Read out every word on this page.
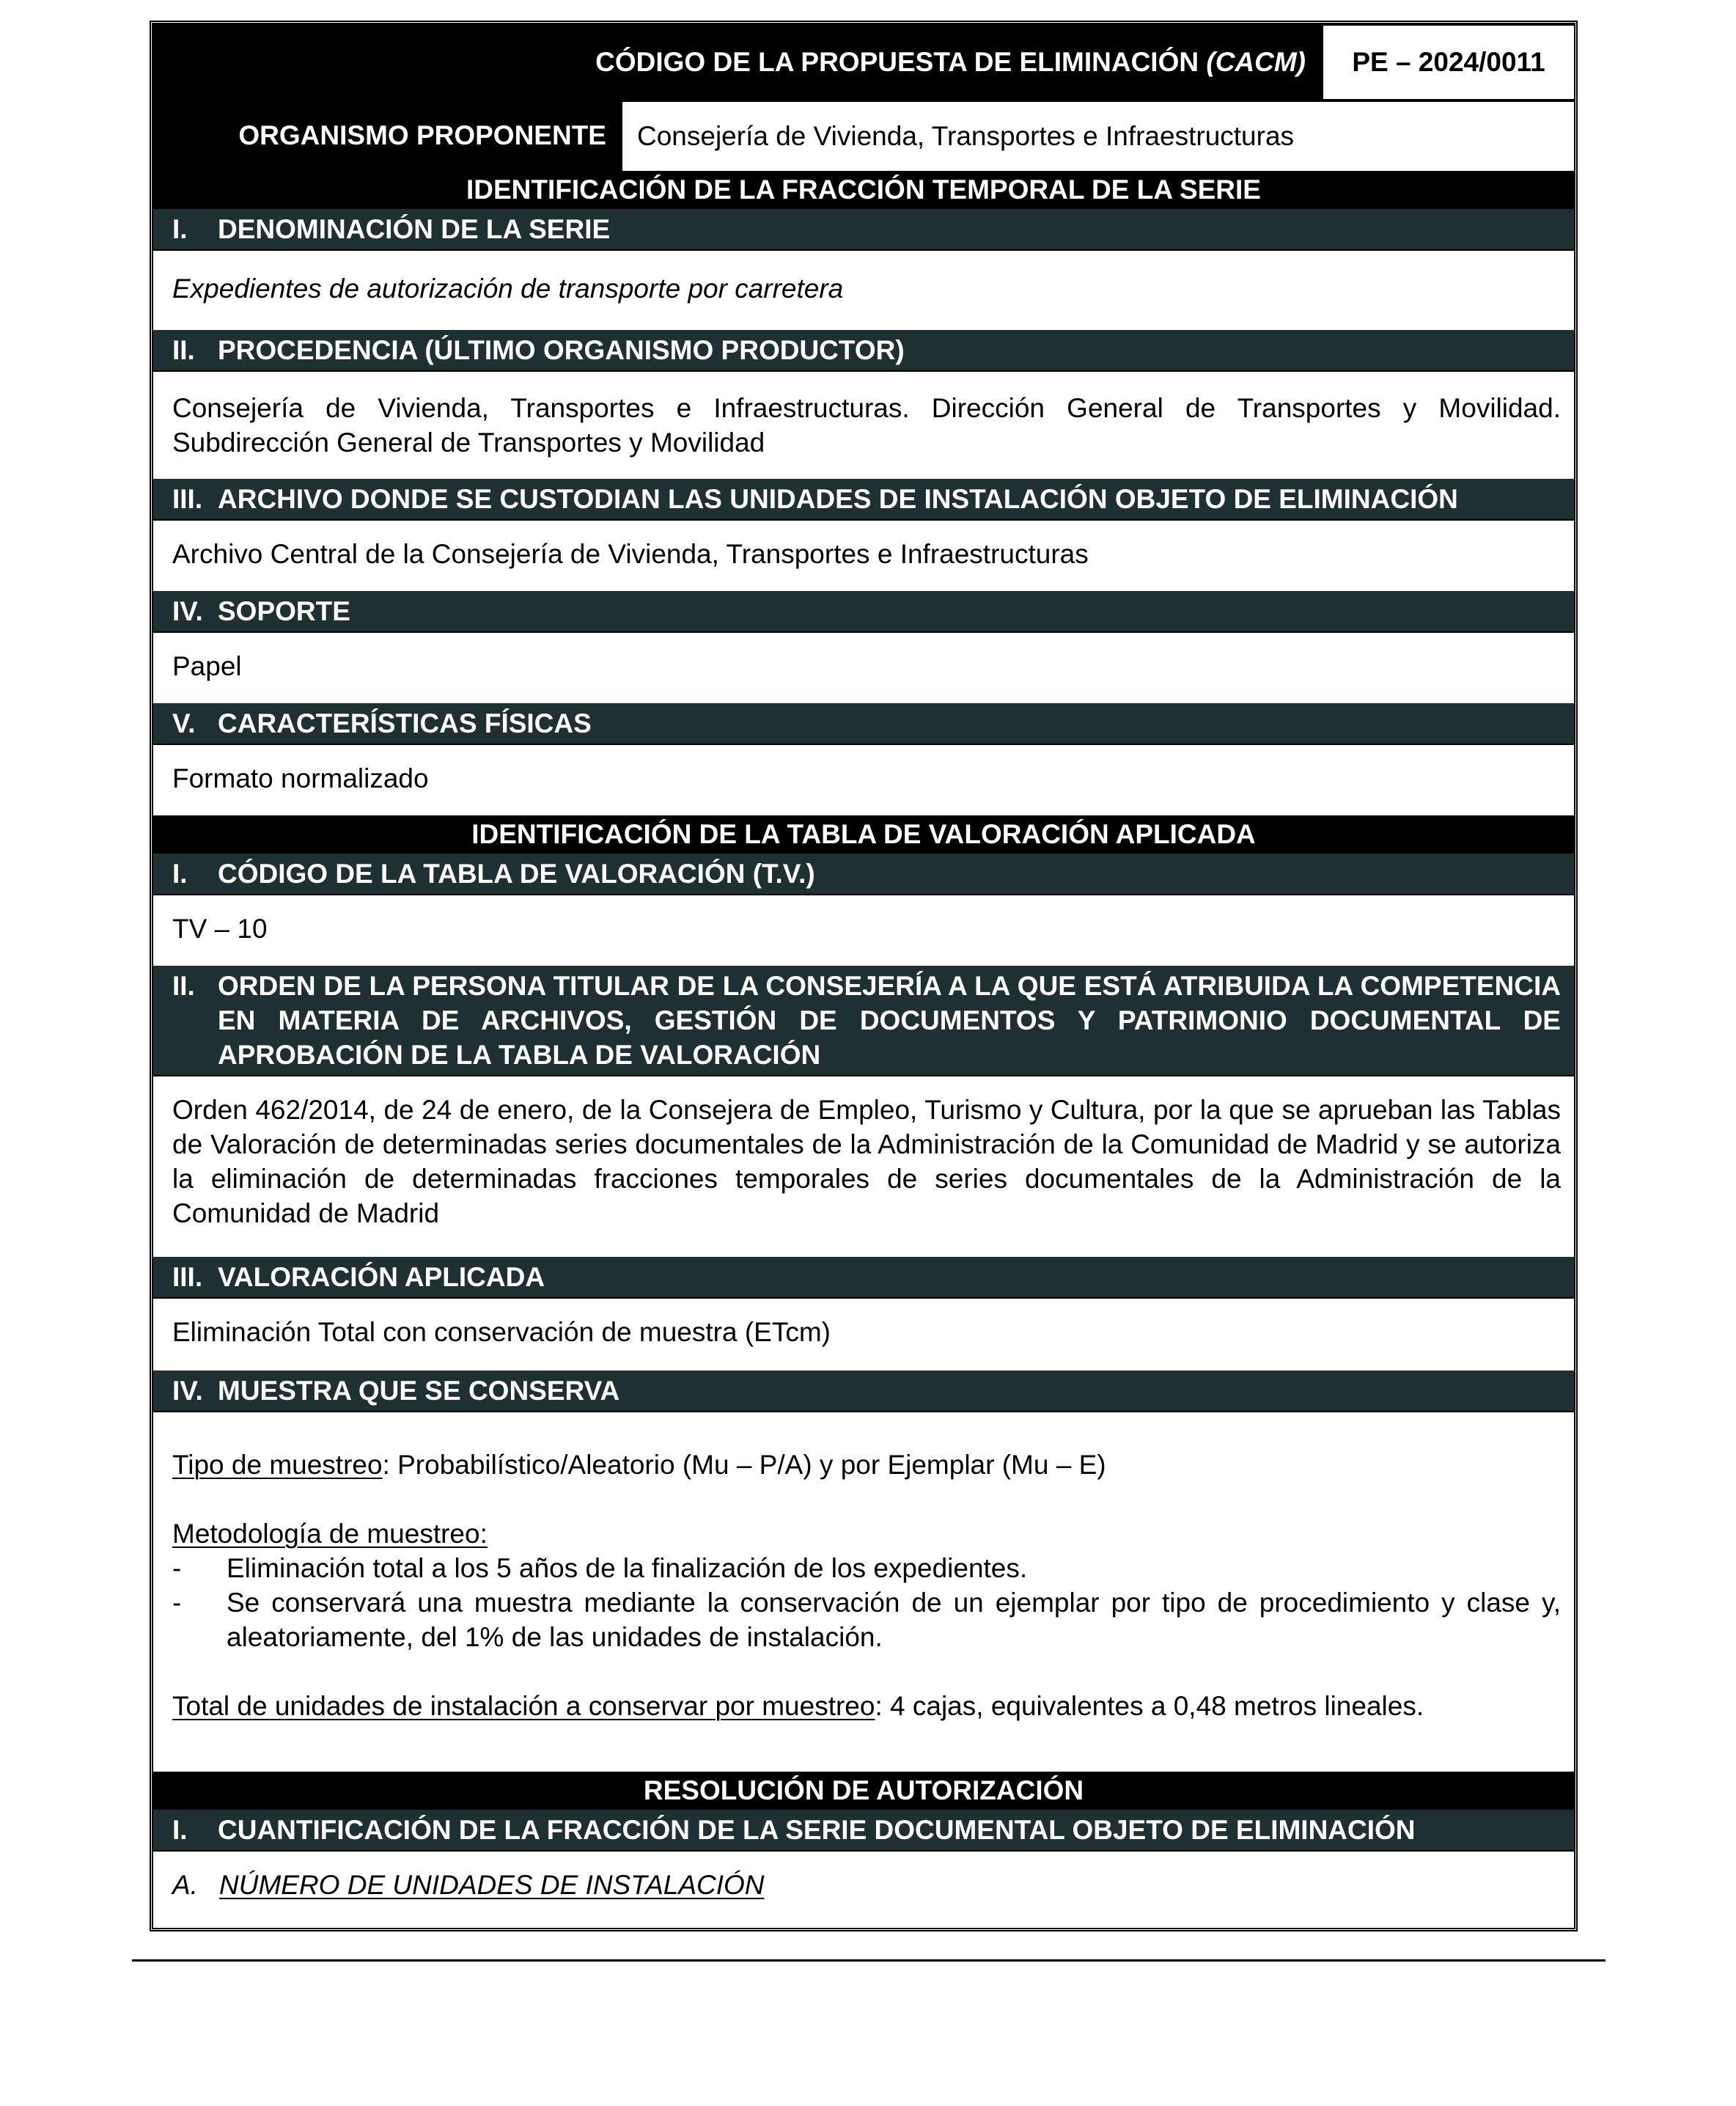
CÓDIGO DE LA PROPUESTA DE ELIMINACIÓN (CACM)	PE – 2024/0011
ORGANISMO PROPONENTE	Consejería de Vivienda, Transportes e Infraestructuras
IDENTIFICACIÓN DE LA FRACCIÓN TEMPORAL DE LA SERIE
I.	DENOMINACIÓN DE LA SERIE
Expedientes de autorización de transporte por carretera
II. PROCEDENCIA (ÚLTIMO ORGANISMO PRODUCTOR)
Consejería de Vivienda, Transportes e Infraestructuras. Dirección General de Transportes y Movilidad. Subdirección General de Transportes y Movilidad
III. ARCHIVO DONDE SE CUSTODIAN LAS UNIDADES DE INSTALACIÓN OBJETO DE ELIMINACIÓN
Archivo Central de la Consejería de Vivienda, Transportes e Infraestructuras
IV. SOPORTE
Papel
V. CARACTERÍSTICAS FÍSICAS
Formato normalizado
IDENTIFICACIÓN DE LA TABLA DE VALORACIÓN APLICADA
I.	CÓDIGO DE LA TABLA DE VALORACIÓN (T.V.)
TV – 10
II. ORDEN DE LA PERSONA TITULAR DE LA CONSEJERÍA A LA QUE ESTÁ ATRIBUIDA LA COMPETENCIA EN MATERIA DE ARCHIVOS, GESTIÓN DE DOCUMENTOS Y PATRIMONIO DOCUMENTAL DE APROBACIÓN DE LA TABLA DE VALORACIÓN
Orden 462/2014, de 24 de enero, de la Consejera de Empleo, Turismo y Cultura, por la que se aprueban las Tablas de Valoración de determinadas series documentales de la Administración de la Comunidad de Madrid y se autoriza la eliminación de determinadas fracciones temporales de series documentales de la Administración de la Comunidad de Madrid
III. VALORACIÓN APLICADA
Eliminación Total con conservación de muestra (ETcm)
IV. MUESTRA QUE SE CONSERVA
Tipo de muestreo: Probabilístico/Aleatorio (Mu – P/A) y por Ejemplar (Mu – E)
Metodología de muestreo:
-	Eliminación total a los 5 años de la finalización de los expedientes.
-	Se conservará una muestra mediante la conservación de un ejemplar por tipo de procedimiento y clase y, aleatoriamente, del 1% de las unidades de instalación.
Total de unidades de instalación a conservar por muestreo: 4 cajas, equivalentes a 0,48 metros lineales.
RESOLUCIÓN DE AUTORIZACIÓN
I.	CUANTIFICACIÓN DE LA FRACCIÓN DE LA SERIE DOCUMENTAL OBJETO DE ELIMINACIÓN
A. NÚMERO DE UNIDADES DE INSTALACIÓN
